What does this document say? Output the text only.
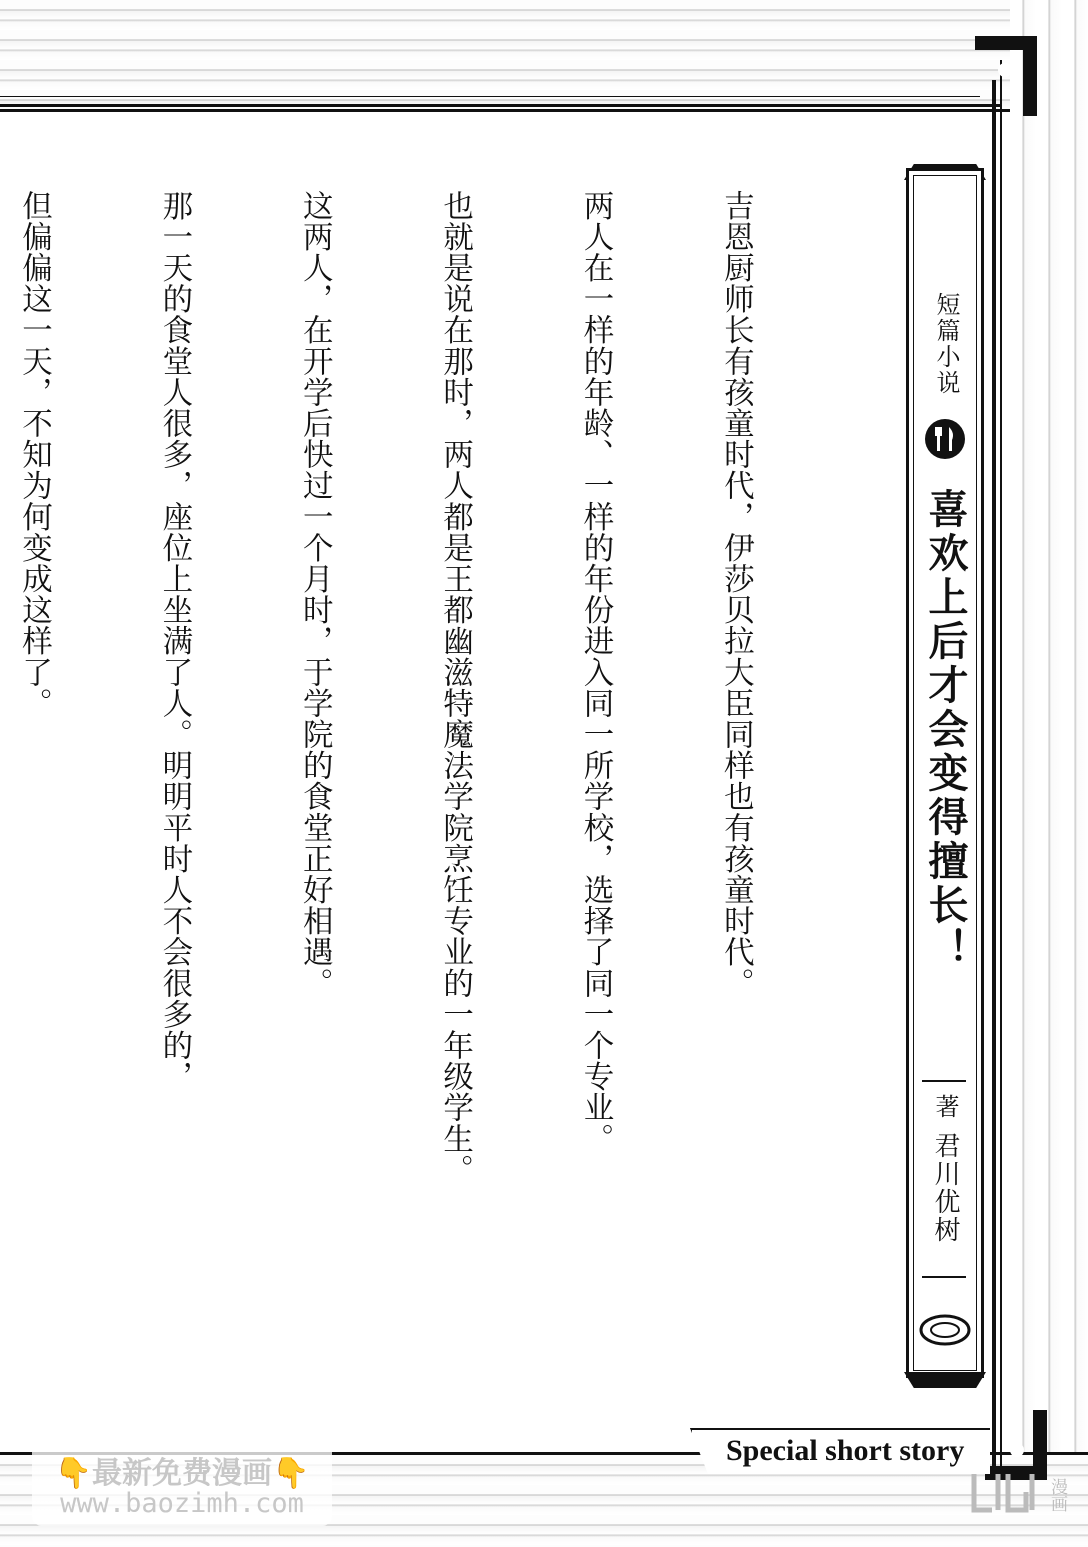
短篇小说
喜欢上后才会变得擅长！
著
君川优树

吉恩厨师长有孩童时代，伊莎贝拉大臣同样也有孩童时代。

两人在一样的年龄、一样的年份进入同一所学校，选择了同一个专业。

也就是说在那时，两人都是王都幽滋特魔法学院烹饪专业的一年级学生。

这两人，在开学后快过一个月时，于学院的食堂正好相遇。

那一天的食堂人很多，座位上坐满了人。明明平时人不会很多的，

但偏偏这一天，不知为何变成这样了。

Special short story
👇最新免费漫画👇
www.baozimh.com	漫画
